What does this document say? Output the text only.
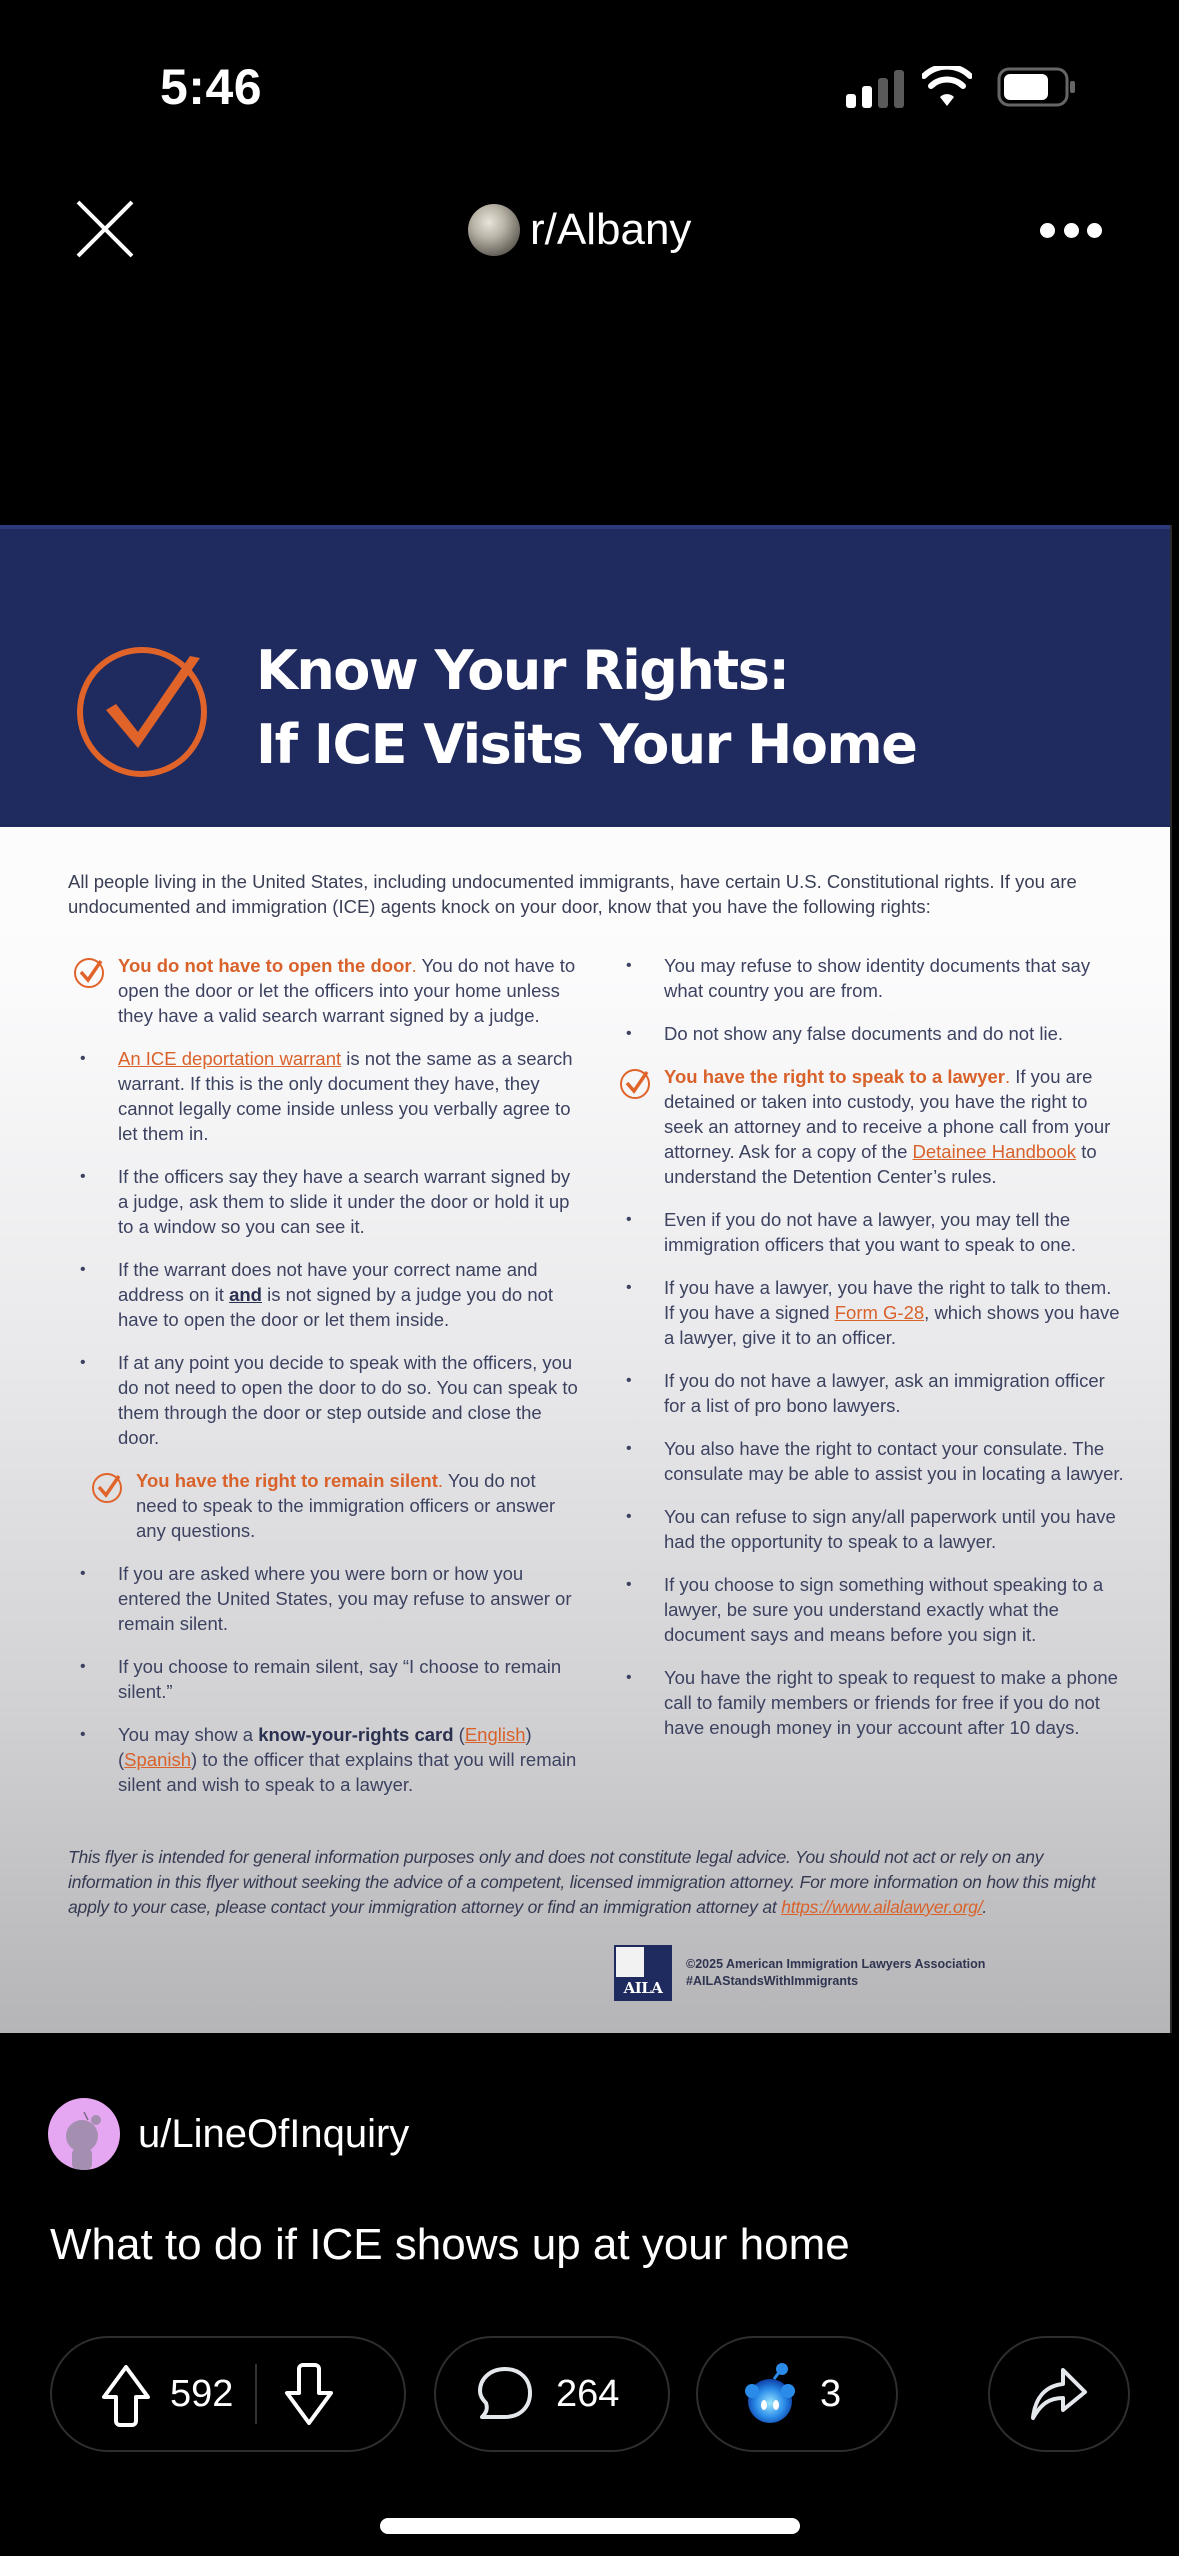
5:46
r/Albany
Know Your Rights:
If ICE Visits Your Home
All people living in the United States, including undocumented immigrants, have certain U.S. Constitutional rights. If you are undocumented and immigration (ICE) agents knock on your door, know that you have the following rights:
You do not have to open the door. You do not have to open the door or let the officers into your home unless they have a valid search warrant signed by a judge.
• An ICE deportation warrant is not the same as a search warrant. If this is the only document they have, they cannot legally come inside unless you verbally agree to let them in.
• If the officers say they have a search warrant signed by a judge, ask them to slide it under the door or hold it up to a window so you can see it.
• If the warrant does not have your correct name and address on it and is not signed by a judge you do not have to open the door or let them inside.
• If at any point you decide to speak with the officers, you do not need to open the door to do so. You can speak to them through the door or step outside and close the door.
You have the right to remain silent. You do not need to speak to the immigration officers or answer any questions.
• If you are asked where you were born or how you entered the United States, you may refuse to answer or remain silent.
• If you choose to remain silent, say “I choose to remain silent.”
• You may show a know-your-rights card (English) (Spanish) to the officer that explains that you will remain silent and wish to speak to a lawyer.
• You may refuse to show identity documents that say what country you are from.
• Do not show any false documents and do not lie.
You have the right to speak to a lawyer. If you are detained or taken into custody, you have the right to seek an attorney and to receive a phone call from your attorney. Ask for a copy of the Detainee Handbook to understand the Detention Center’s rules.
• Even if you do not have a lawyer, you may tell the immigration officers that you want to speak to one.
• If you have a lawyer, you have the right to talk to them. If you have a signed Form G-28, which shows you have a lawyer, give it to an officer.
• If you do not have a lawyer, ask an immigration officer for a list of pro bono lawyers.
• You also have the right to contact your consulate. The consulate may be able to assist you in locating a lawyer.
• You can refuse to sign any/all paperwork until you have had the opportunity to speak to a lawyer.
• If you choose to sign something without speaking to a lawyer, be sure you understand exactly what the document says and means before you sign it.
• You have the right to speak to request to make a phone call to family members or friends for free if you do not have enough money in your account after 10 days.
This flyer is intended for general information purposes only and does not constitute legal advice. You should not act or rely on any information in this flyer without seeking the advice of a competent, licensed immigration attorney. For more information on how this might apply to your case, please contact your immigration attorney or find an immigration attorney at https://www.ailalawyer.org/.
AILA
©2025 American Immigration Lawyers Association
#AILAStandsWithImmigrants
u/LineOfInquiry
What to do if ICE shows up at your home
592	264	3
